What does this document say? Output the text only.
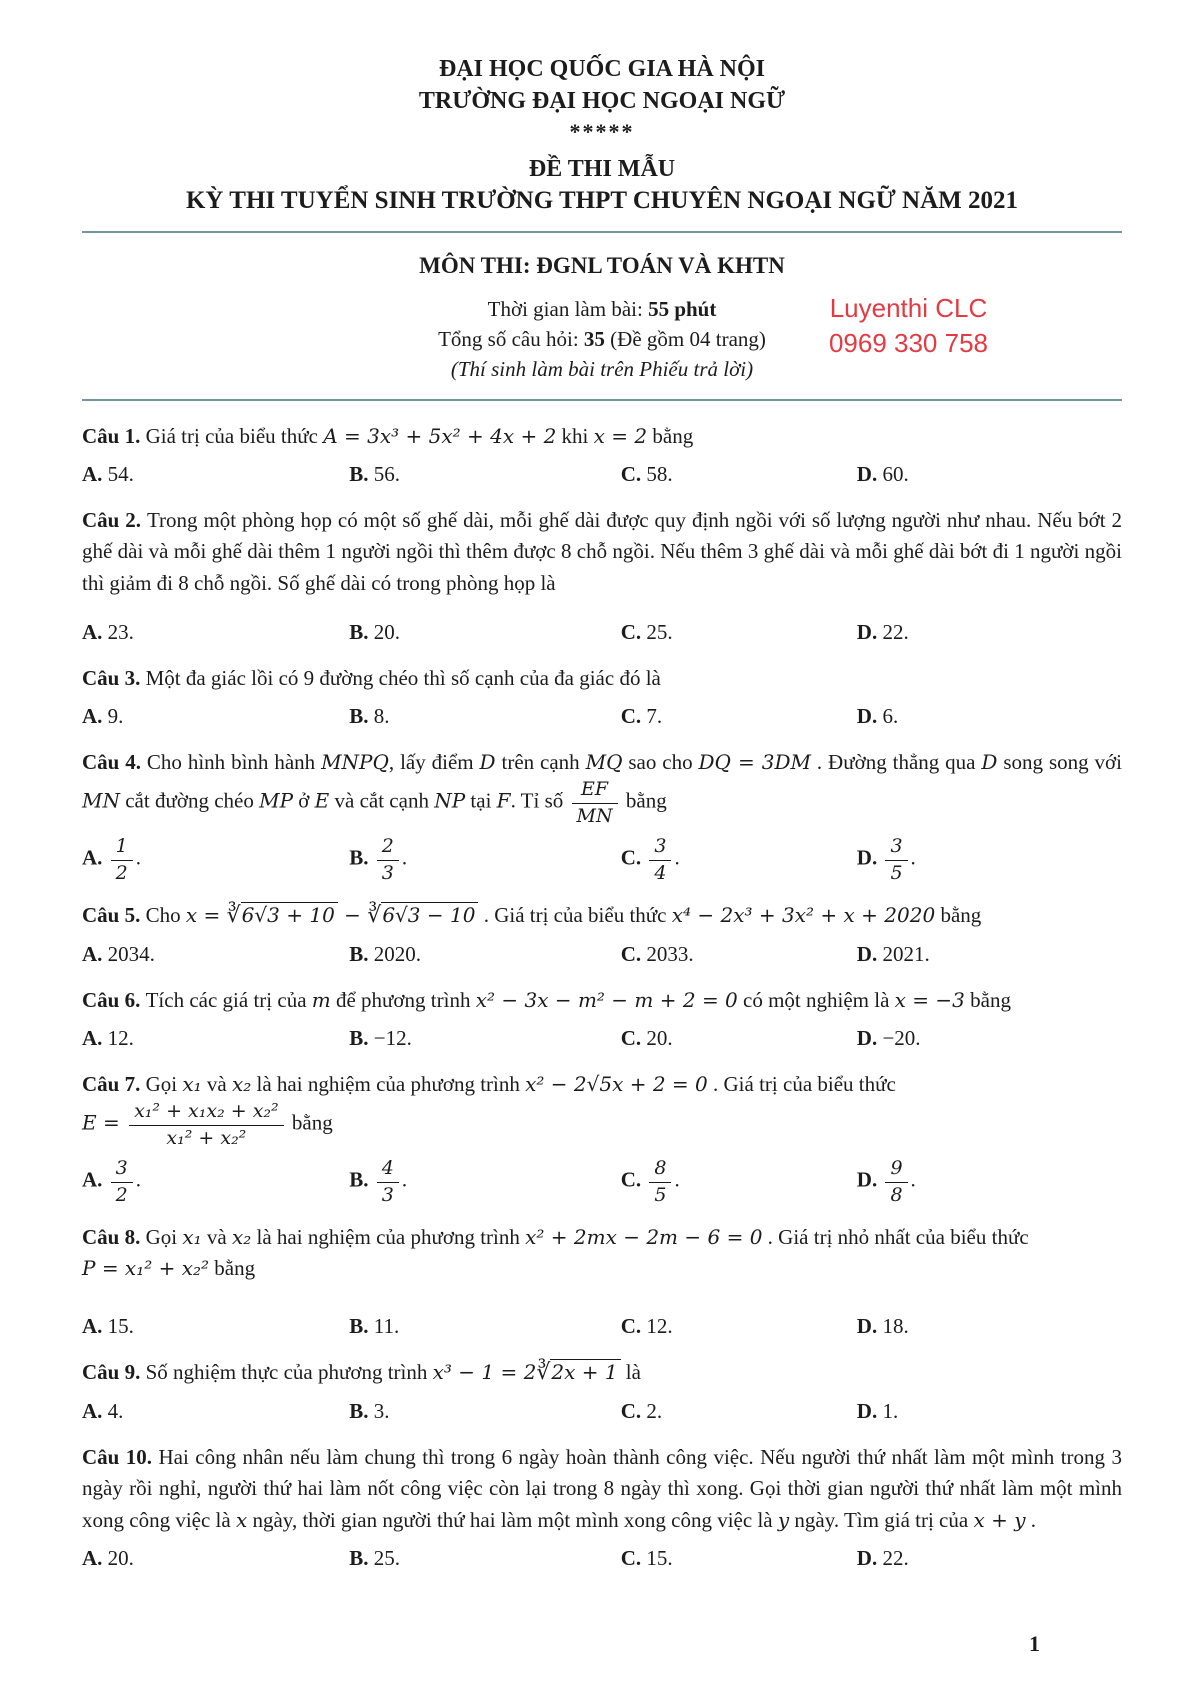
ĐẠI HỌC QUỐC GIA HÀ NỘI
TRƯỜNG ĐẠI HỌC NGOẠI NGỮ
*****
ĐỀ THI MẪU
KỲ THI TUYỂN SINH TRƯỜNG THPT CHUYÊN NGOẠI NGỮ NĂM 2021
MÔN THI: ĐGNL TOÁN VÀ KHTN
Thời gian làm bài: 55 phút
Tổng số câu hỏi: 35 (Đề gồm 04 trang)
(Thí sinh làm bài trên Phiếu trả lời)
Luyenthi CLC
0969 330 758
Câu 1. Giá trị của biểu thức A = 3x³ + 5x² + 4x + 2 khi x = 2 bằng
A. 54.	B. 56.	C. 58.	D. 60.
Câu 2. Trong một phòng họp có một số ghế dài, mỗi ghế dài được quy định ngồi với số lượng người như nhau. Nếu bớt 2 ghế dài và mỗi ghế dài thêm 1 người ngồi thì thêm được 8 chỗ ngồi. Nếu thêm 3 ghế dài và mỗi ghế dài bớt đi 1 người ngồi thì giảm đi 8 chỗ ngồi. Số ghế dài có trong phòng họp là
A. 23.	B. 20.	C. 25.	D. 22.
Câu 3. Một đa giác lồi có 9 đường chéo thì số cạnh của đa giác đó là
A. 9.	B. 8.	C. 7.	D. 6.
Câu 4. Cho hình bình hành MNPQ, lấy điểm D trên cạnh MQ sao cho DQ = 3DM . Đường thẳng qua D song song với MN cắt đường chéo MP ở E và cắt cạnh NP tại F. Tỉ số $\frac{EF}{MN}$ bằng
A. $\frac{1}{2}$ .	B. $\frac{2}{3}$ .	C. $\frac{3}{4}$ .	D. $\frac{3}{5}$ .
Câu 5. Cho x = ∛6√3 + 10 − ∛6√3 − 10 . Giá trị của biểu thức x⁴ − 2x³ + 3x² + x + 2020 bằng
A. 2034.	B. 2020.	C. 2033.	D. 2021.
Câu 6. Tích các giá trị của m để phương trình x² − 3x − m² − m + 2 = 0 có một nghiệm là x = −3 bằng
A. 12.	B. −12.	C. 20.	D. −20.
Câu 7. Gọi x₁ và x₂ là hai nghiệm của phương trình x² − 2√5x + 2 = 0 . Giá trị của biểu thức
$E = \frac{\text{x₁² + x₁x₂ + x₂²}}{\text{x₁² + x₂²}}$ bằng
A. $\frac{3}{2}$ .	B. $\frac{4}{3}$ .	C. $\frac{8}{5}$ .	D. $\frac{9}{8}$ .
Câu 8. Gọi x₁ và x₂ là hai nghiệm của phương trình x² + 2mx − 2m − 6 = 0 . Giá trị nhỏ nhất của biểu thức
P = x₁² + x₂² bằng
A. 15.	B. 11.	C. 12.	D. 18.
Câu 9. Số nghiệm thực của phương trình x³ − 1 = 2∛2x + 1 là
A. 4.	B. 3.	C. 2.	D. 1.
Câu 10. Hai công nhân nếu làm chung thì trong 6 ngày hoàn thành công việc. Nếu người thứ nhất làm một mình trong 3 ngày rồi nghỉ, người thứ hai làm nốt công việc còn lại trong 8 ngày thì xong. Gọi thời gian người thứ nhất làm một mình xong công việc là x ngày, thời gian người thứ hai làm một mình xong công việc là y ngày. Tìm giá trị của x + y .
A. 20.	B. 25.	C. 15.	D. 22.
1
